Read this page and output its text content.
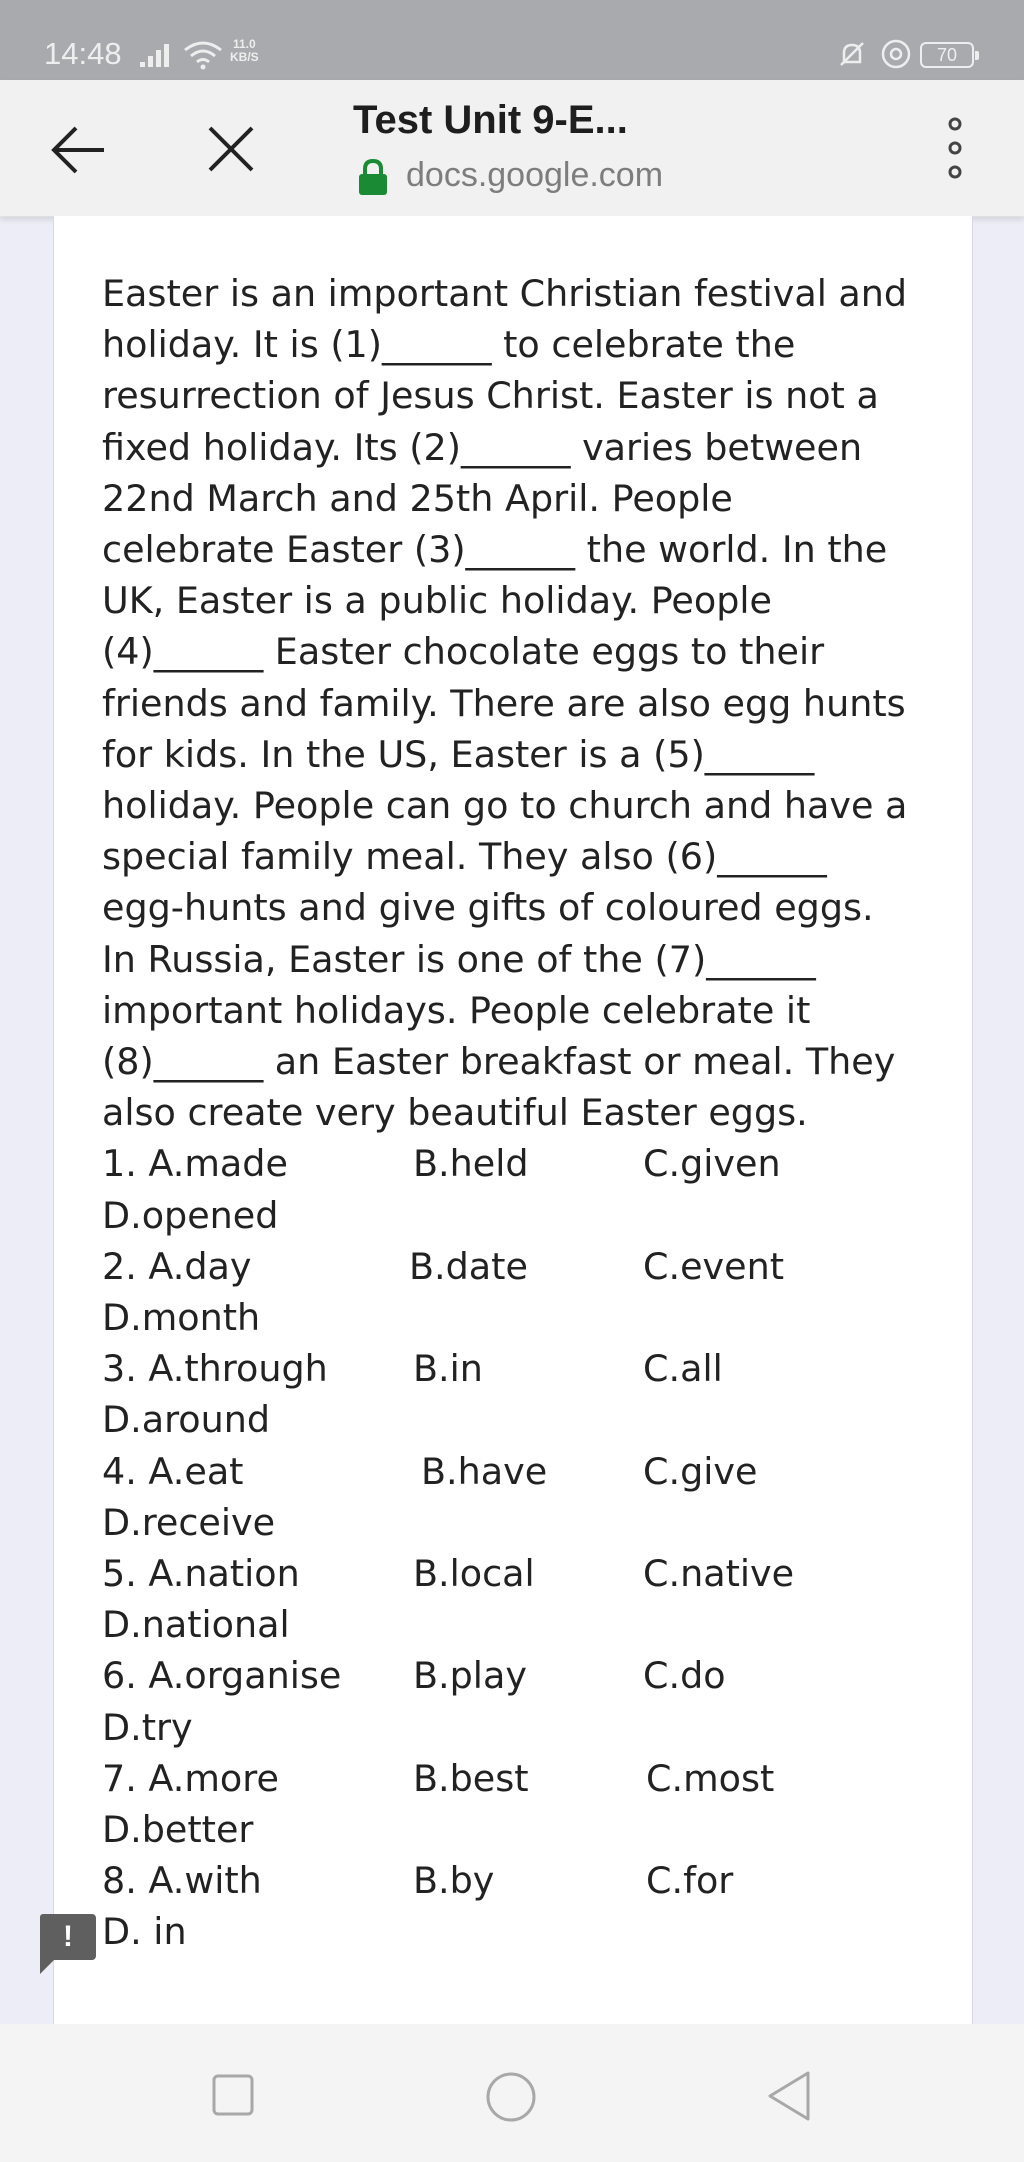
14:48	11.0
KB/S	70
Test Unit 9-E...
docs.google.com
Easter is an important Christian festival and
holiday. It is (1)______ to celebrate the
resurrection of Jesus Christ. Easter is not a
fixed holiday. Its (2)______ varies between
22nd March and 25th April. People
celebrate Easter (3)______ the world. In the
UK, Easter is a public holiday. People
(4)______ Easter chocolate eggs to their
friends and family. There are also egg hunts
for kids. In the US, Easter is a (5)______
holiday. People can go to church and have a
special family meal. They also (6)______
egg-hunts and give gifts of coloured eggs.
In Russia, Easter is one of the (7)______
important holidays. People celebrate it
(8)______ an Easter breakfast or meal. They
also create very beautiful Easter eggs.
1. A.made	B.held	C.given
D.opened
2. A.day	B.date	C.event
D.month
3. A.through B.in	C.all
D.around
4. A.eat	B.have	C.give
D.receive
5. A.nation	B.local	C.native
D.national
6. A.organise B.play	C.do
D.try
7. A.more	B.best	C.most
D.better
8. A.with	B.by	C.for
D. in
!
